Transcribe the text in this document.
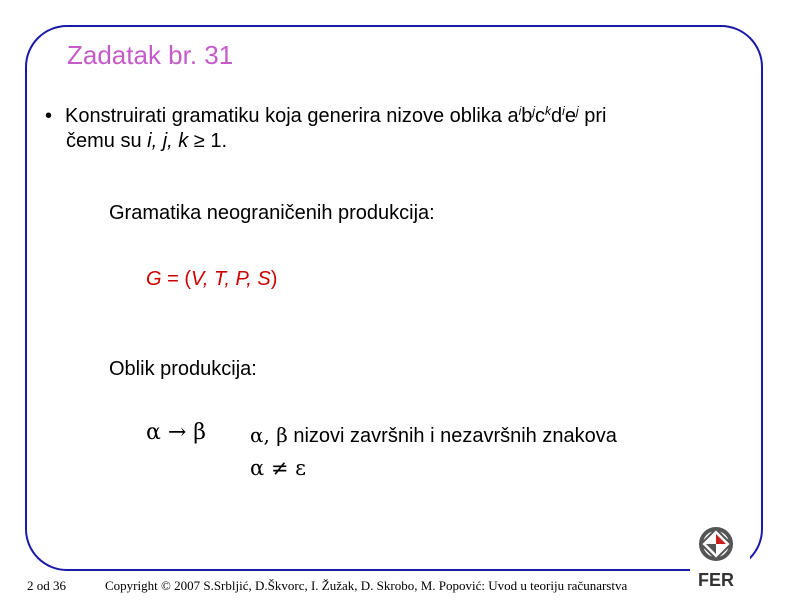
Zadatak br. 31
• Konstruirati gramatiku koja generira nizove oblika $a^ib^jc^kd^ie^j$ pri
čemu su i, j, k ≥ 1.
Gramatika neograničenih produkcija:
G = (V, T, P, S)
Oblik produkcija:
α → β α, β nizovi završnih i nezavršnih znakova
α ≠ ε
2 od 36	Copyright © 2007 S.Srbljić, D.Škvorc, I. Žužak, D. Skrobo, M. Popović: Uvod u teoriju računarstva	FER
